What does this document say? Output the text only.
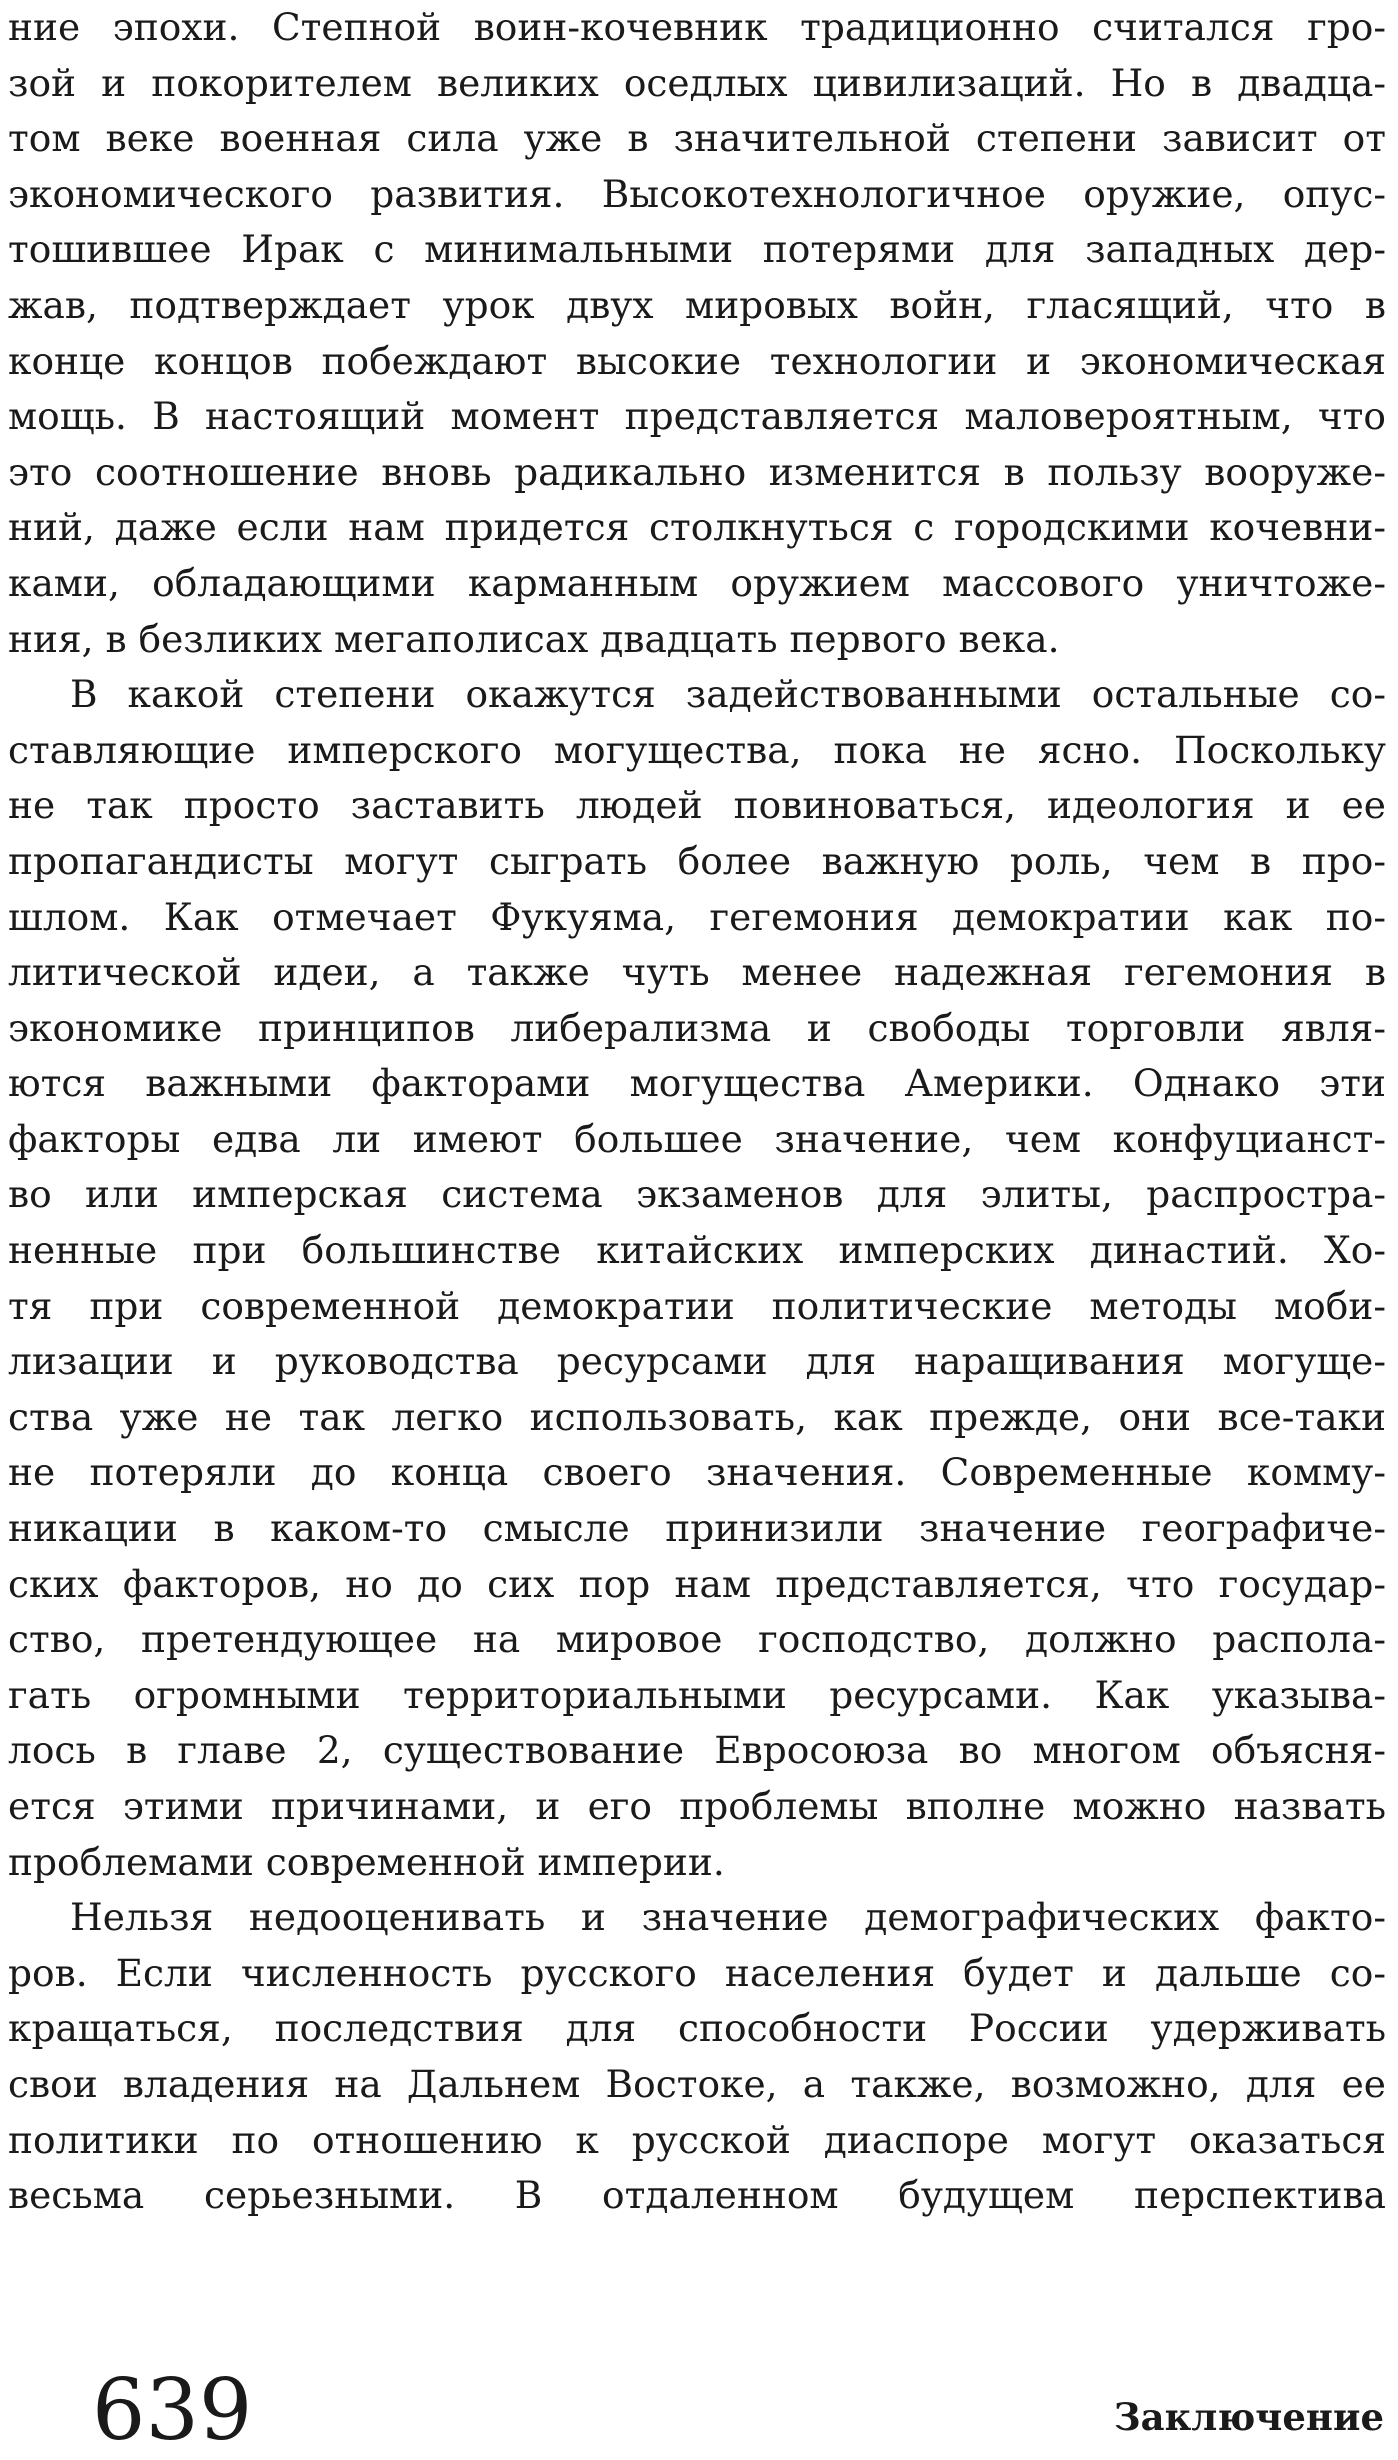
ние эпохи. Степной воин-кочевник традиционно считался гро-
зой и покорителем великих оседлых цивилизаций. Но в двадца-
том веке военная сила уже в значительной степени зависит от
экономического развития. Высокотехнологичное оружие, опус-
тошившее Ирак с минимальными потерями для западных дер-
жав, подтверждает урок двух мировых войн, гласящий, что в
конце концов побеждают высокие технологии и экономическая
мощь. В настоящий момент представляется маловероятным, что
это соотношение вновь радикально изменится в пользу вооруже-
ний, даже если нам придется столкнуться с городскими кочевни-
ками, обладающими карманным оружием массового уничтоже-
ния, в безликих мегаполисах двадцать первого века.
В какой степени окажутся задействованными остальные со-
ставляющие имперского могущества, пока не ясно. Поскольку
не так просто заставить людей повиноваться, идеология и ее
пропагандисты могут сыграть более важную роль, чем в про-
шлом. Как отмечает Фукуяма, гегемония демократии как по-
литической идеи, а также чуть менее надежная гегемония в
экономике принципов либерализма и свободы торговли явля-
ются важными факторами могущества Америки. Однако эти
факторы едва ли имеют большее значение, чем конфуцианст-
во или имперская система экзаменов для элиты, распростра-
ненные при большинстве китайских имперских династий. Хо-
тя при современной демократии политические методы моби-
лизации и руководства ресурсами для наращивания могуще-
ства уже не так легко использовать, как прежде, они все-таки
не потеряли до конца своего значения. Современные комму-
никации в каком-то смысле принизили значение географиче-
ских факторов, но до сих пор нам представляется, что государ-
ство, претендующее на мировое господство, должно распола-
гать огромными территориальными ресурсами. Как указыва-
лось в главе 2, существование Евросоюза во многом объясня-
ется этими причинами, и его проблемы вполне можно назвать
проблемами современной империи.
Нельзя недооценивать и значение демографических факто-
ров. Если численность русского населения будет и дальше со-
кращаться, последствия для способности России удерживать
свои владения на Дальнем Востоке, а также, возможно, для ее
политики по отношению к русской диаспоре могут оказаться
весьма серьезными. В отдаленном будущем перспектива
639	Заключение
